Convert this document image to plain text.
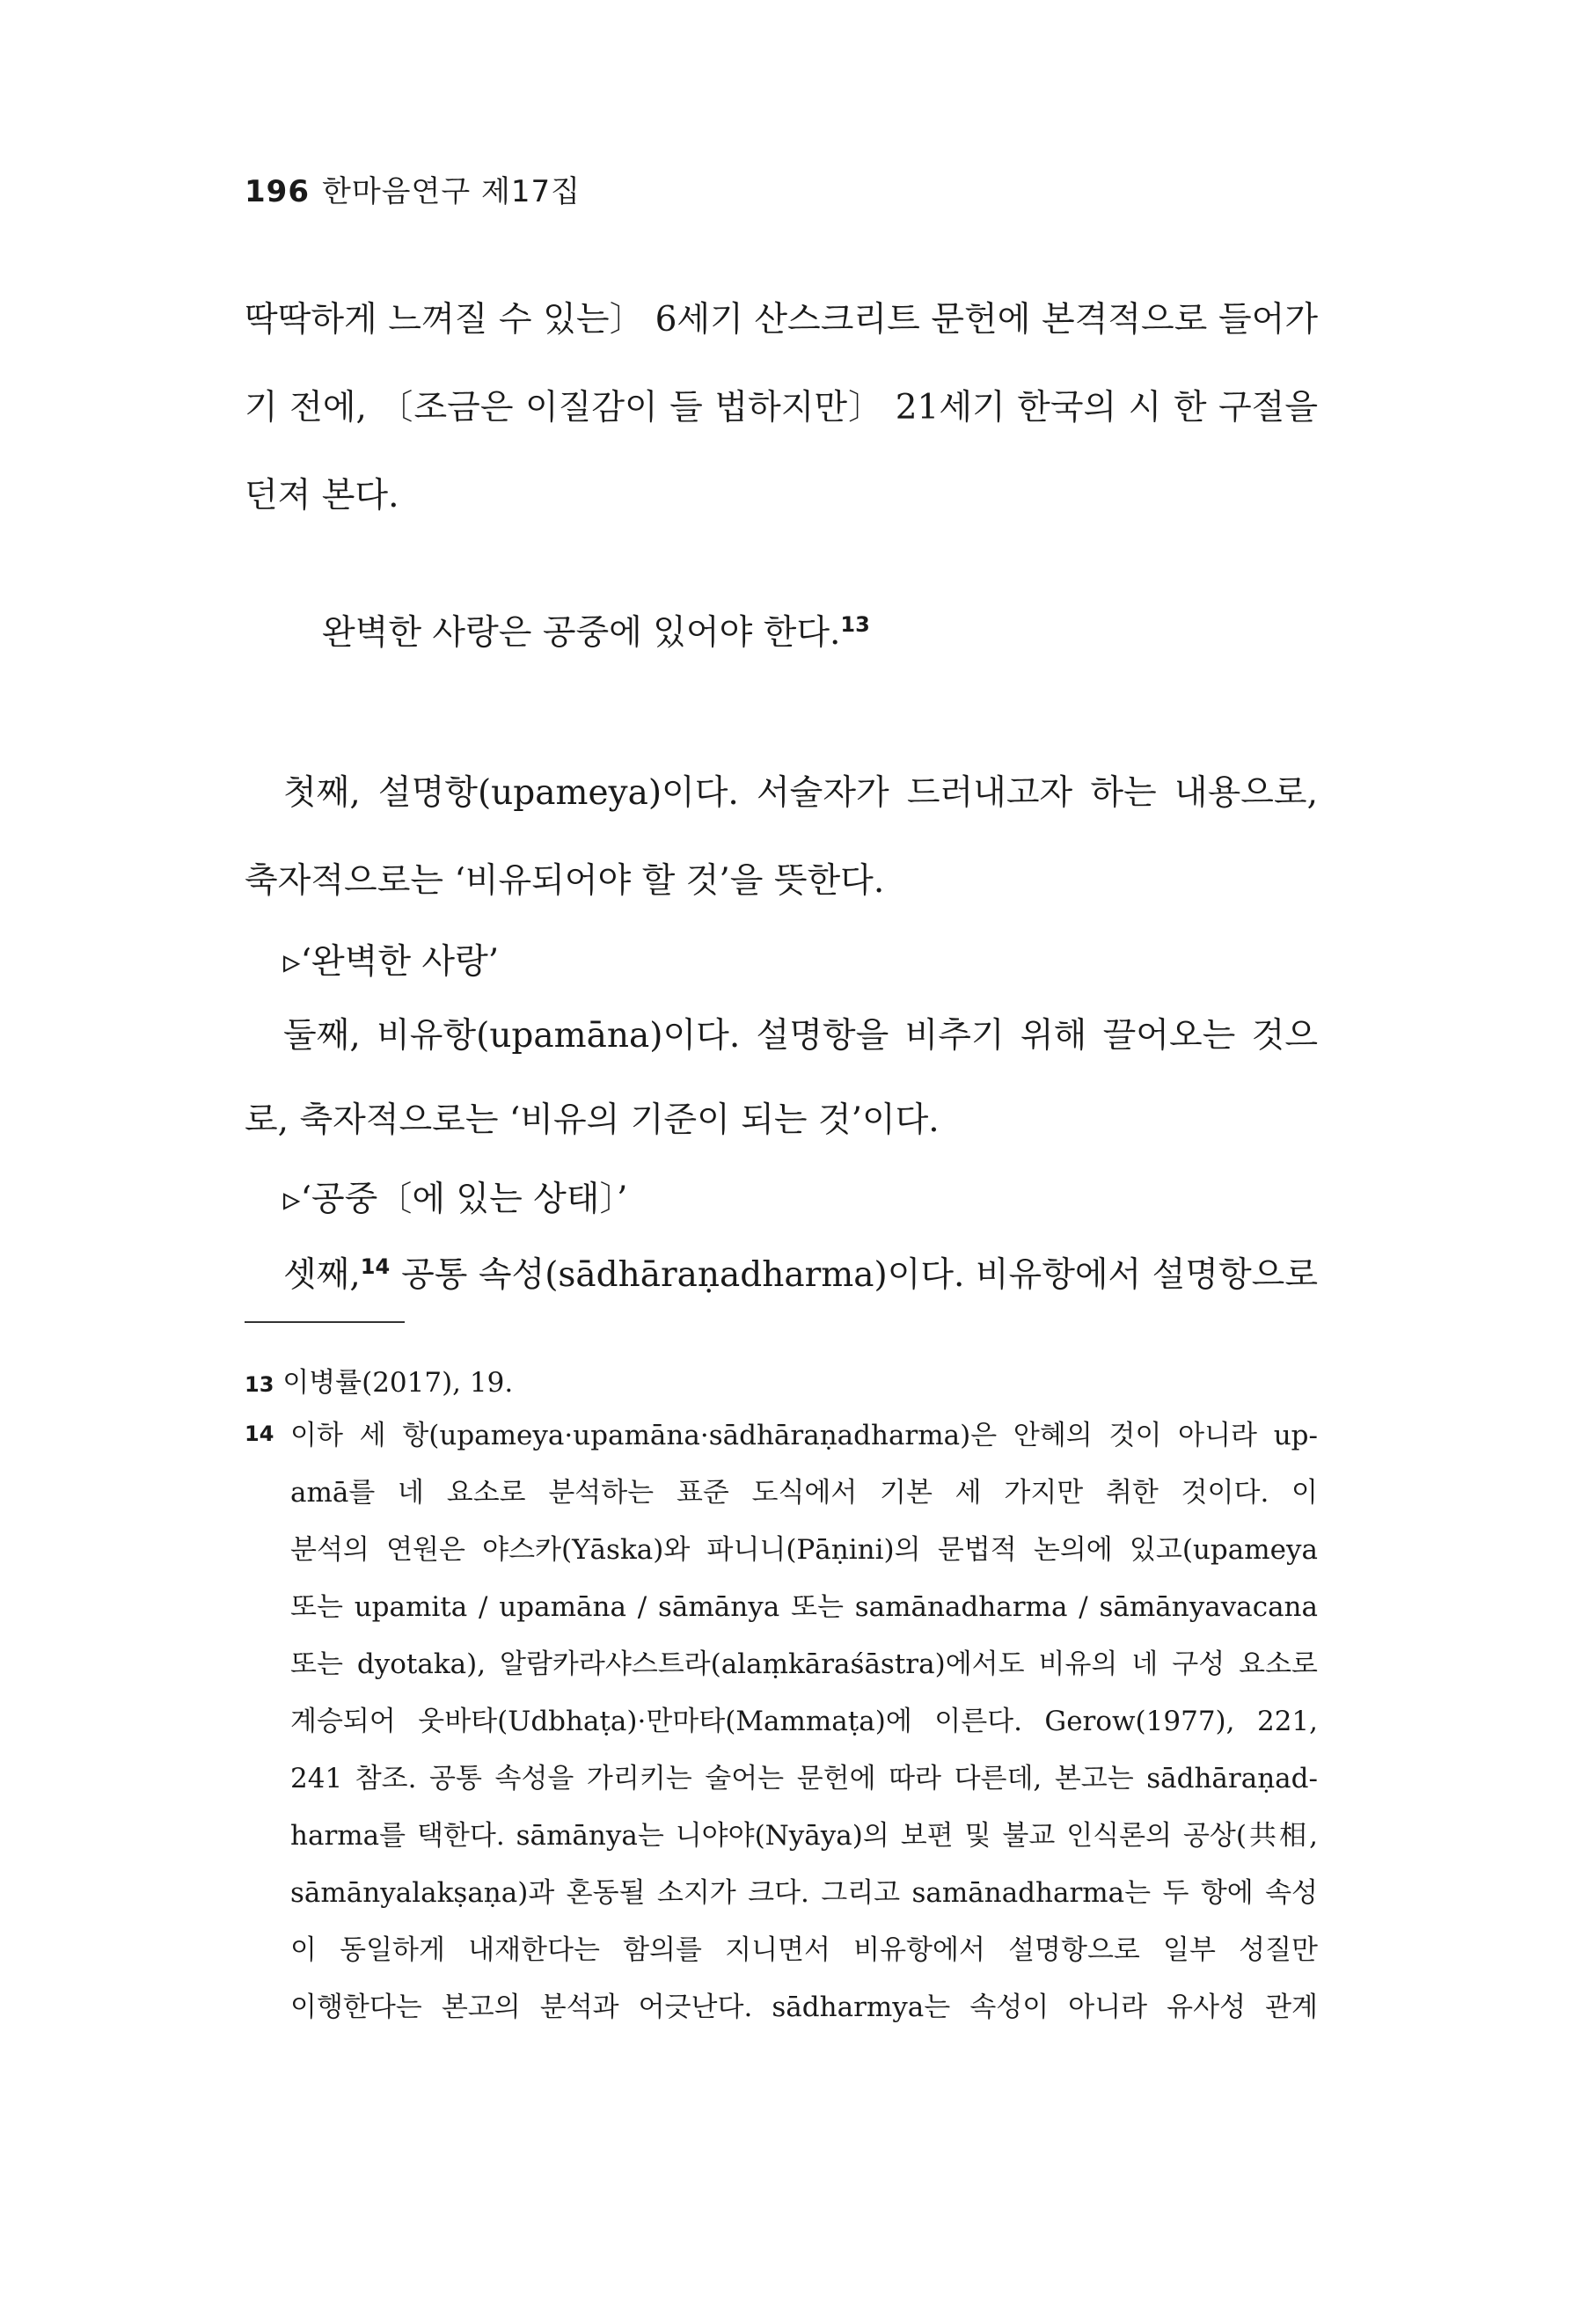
196 한마음연구 제17집
딱딱하게 느껴질 수 있는〕 6세기 산스크리트 문헌에 본격적으로 들어가
기 전에, 〔조금은 이질감이 들 법하지만〕 21세기 한국의 시 한 구절을
던져 본다.
완벽한 사랑은 공중에 있어야 한다.$^{13}$
첫째, 설명항(upameya)이다. 서술자가 드러내고자 하는 내용으로,
축자적으로는 ‘비유되어야 할 것’을 뜻한다.
▹‘완벽한 사랑’
둘째, 비유항(upamāna)이다. 설명항을 비추기 위해 끌어오는 것으
로, 축자적으로는 ‘비유의 기준이 되는 것’이다.
▹‘공중〔에 있는 상태〕’
셋째,$^{14}$ 공통 속성(sādhāraṇadharma)이다. 비유항에서 설명항으로
13 이병률(2017), 19.
14 이하 세 항(upameya·upamāna·sādhāraṇadharma)은 안혜의 것이 아니라 up-
amā를 네 요소로 분석하는 표준 도식에서 기본 세 가지만 취한 것이다. 이
분석의 연원은 야스카(Yāska)와 파니니(Pāṇini)의 문법적 논의에 있고(upameya
또는 upamita / upamāna / sāmānya 또는 samānadharma / sāmānyavacana
또는 dyotaka), 알람카라샤스트라(alaṃkāraśāstra)에서도 비유의 네 구성 요소로
계승되어 웃바타(Udbhaṭa)·만마타(Mammaṭa)에 이른다. Gerow(1977), 221,
241 참조. 공통 속성을 가리키는 술어는 문헌에 따라 다른데, 본고는 sādhāraṇad-
harma를 택한다. sāmānya는 니야야(Nyāya)의 보편 및 불교 인식론의 공상(共相,
sāmānyalakṣaṇa)과 혼동될 소지가 크다. 그리고 samānadharma는 두 항에 속성
이 동일하게 내재한다는 함의를 지니면서 비유항에서 설명항으로 일부 성질만
이행한다는 본고의 분석과 어긋난다. sādharmya는 속성이 아니라 유사성 관계
